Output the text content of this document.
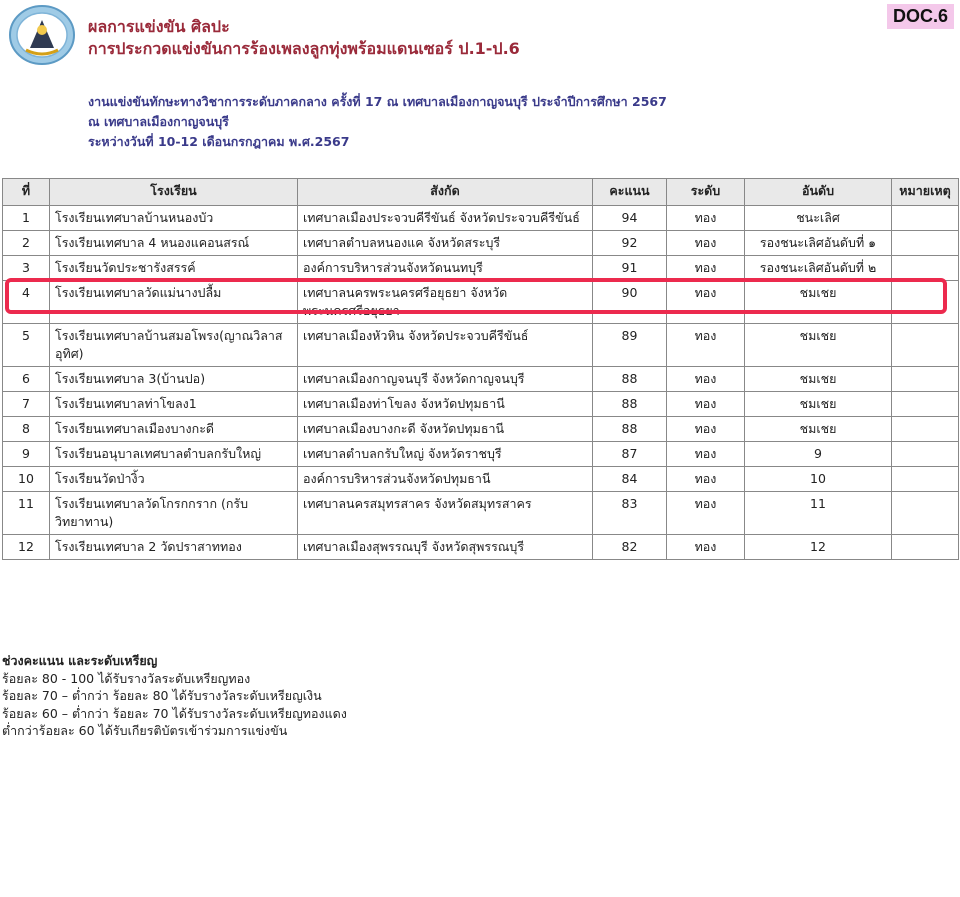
ผลการแข่งขัน ศิลปะ
การประกวดแข่งขันการร้องเพลงลูกทุ่งพร้อมแดนเซอร์ ป.1-ป.6
DOC.6
งานแข่งขันทักษะทางวิชาการระดับภาคกลาง ครั้งที่ 17 ณ เทศบาลเมืองกาญจนบุรี ประจำปีการศึกษา 2567
ณ เทศบาลเมืองกาญจนบุรี
ระหว่างวันที่ 10-12 เดือนกรกฎาคม พ.ศ.2567
ที่	โรงเรียน	สังกัด	คะแนน	ระดับ	อันดับ	หมายเหตุ
1	โรงเรียนเทศบาลบ้านหนองบัว	เทศบาลเมืองประจวบคีรีขันธ์ จังหวัดประจวบคีรีขันธ์	94	ทอง	ชนะเลิศ	
2	โรงเรียนเทศบาล 4 หนองแคอนสรณ์	เทศบาลตำบลหนองแค จังหวัดสระบุรี	92	ทอง	รองชนะเลิศอันดับที่ ๑	
3	โรงเรียนวัดประชารังสรรค์	องค์การบริหารส่วนจังหวัดนนทบุรี	91	ทอง	รองชนะเลิศอันดับที่ ๒	
4	โรงเรียนเทศบาลวัดแม่นางปลื้ม	เทศบาลนครพระนครศรีอยุธยา จังหวัดพระนครศรีอยุธยา	90	ทอง	ชมเชย	
5	โรงเรียนเทศบาลบ้านสมอโพรง(ญาณวิลาสอุทิศ)	เทศบาลเมืองหัวหิน จังหวัดประจวบคีรีขันธ์	89	ทอง	ชมเชย	
6	โรงเรียนเทศบาล 3(บ้านปอ)	เทศบาลเมืองกาญจนบุรี จังหวัดกาญจนบุรี	88	ทอง	ชมเชย	
7	โรงเรียนเทศบาลท่าโขลง1	เทศบาลเมืองท่าโขลง จังหวัดปทุมธานี	88	ทอง	ชมเชย	
8	โรงเรียนเทศบาลเมืองบางกะดี	เทศบาลเมืองบางกะดี จังหวัดปทุมธานี	88	ทอง	ชมเชย	
9	โรงเรียนอนุบาลเทศบาลตำบลกรับใหญ่	เทศบาลตำบลกรับใหญ่ จังหวัดราชบุรี	87	ทอง	9	
10	โรงเรียนวัดป่างิ้ว	องค์การบริหารส่วนจังหวัดปทุมธานี	84	ทอง	10	
11	โรงเรียนเทศบาลวัดโกรกกราก (กรับวิทยาทาน)	เทศบาลนครสมุทรสาคร จังหวัดสมุทรสาคร	83	ทอง	11	
12	โรงเรียนเทศบาล 2 วัดปราสาททอง	เทศบาลเมืองสุพรรณบุรี จังหวัดสุพรรณบุรี	82	ทอง	12	
ช่วงคะแนน และระดับเหรียญ
ร้อยละ 80 - 100 ได้รับรางวัลระดับเหรียญทอง
ร้อยละ 70 – ต่ำกว่า ร้อยละ 80 ได้รับรางวัลระดับเหรียญเงิน
ร้อยละ 60 – ต่ำกว่า ร้อยละ 70 ได้รับรางวัลระดับเหรียญทองแดง
ต่ำกว่าร้อยละ 60 ได้รับเกียรติบัตรเข้าร่วมการแข่งขัน
